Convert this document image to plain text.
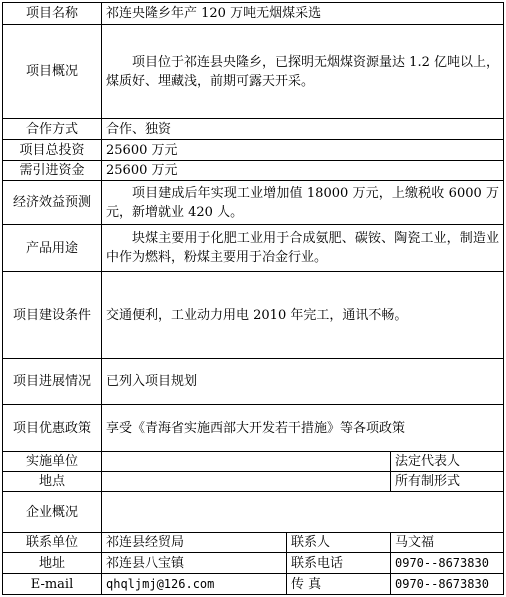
项目名称	祁连央隆乡年产 120 万吨无烟煤采选		
项目概况	项目位于祁连县央隆乡，已探明无烟煤资源量达 1.2 亿吨以上，煤质好、埋藏浅，前期可露天开采。		
合作方式	合作、独资		
项目总投资	25600 万元		
需引进资金	25600 万元		
经济效益预测	项目建成后年实现工业增加值 18000 万元，上缴税收 6000 万元，新增就业 420 人。		
产品用途	块煤主要用于化肥工业用于合成氨肥、碳铵、陶瓷工业，制造业中作为燃料，粉煤主要用于冶金行业。		
项目建设条件	交通便利，工业动力用电 2010 年完工，通讯不畅。		
项目进展情况	已列入项目规划		
项目优惠政策	享受《青海省实施西部大开发若干措施》等各项政策		
实施单位			法定代表人
地点			所有制形式
企业概况			
联系单位	祁连县经贸局	联系人	马文福
地址	祁连县八宝镇	联系电话	0970--8673830
E-mail	qhqljmj@126.com	传 真	0970--8673830
